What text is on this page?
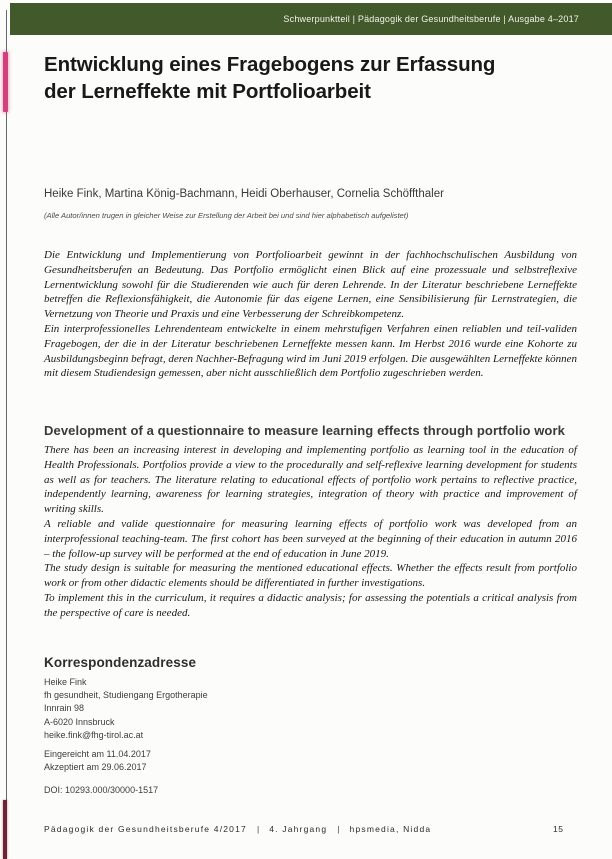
Schwerpunktteil | Pädagogik der Gesundheitsberufe | Ausgabe 4–2017
Entwicklung eines Fragebogens zur Erfassung
der Lerneffekte mit Portfolioarbeit
Heike Fink, Martina König-Bachmann, Heidi Oberhauser, Cornelia Schöffthaler
(Alle Autor/innen trugen in gleicher Weise zur Erstellung der Arbeit bei und sind hier alphabetisch aufgelistet)

Die Entwicklung und Implementierung von Portfolioarbeit gewinnt in der fachhochschulischen Ausbildung von Gesundheitsberufen an Bedeutung. Das Portfolio ermöglicht einen Blick auf eine prozessuale und selbstreflexive Lernentwicklung sowohl für die Studierenden wie auch für deren Lehrende. In der Literatur beschriebene Lerneffekte betreffen die Reflexionsfähigkeit, die Autonomie für das eigene Lernen, eine Sensibilisierung für Lernstrategien, die Vernetzung von Theorie und Praxis und eine Verbesserung der Schreibkompetenz.

Ein interprofessionelles Lehrendenteam entwickelte in einem mehrstufigen Verfahren einen reliablen und teil-validen Fragebogen, der die in der Literatur beschriebenen Lerneffekte messen kann. Im Herbst 2016 wurde eine Kohorte zu Ausbildungsbeginn befragt, deren Nachher-Befragung wird im Juni 2019 erfolgen. Die ausgewählten Lerneffekte können mit diesem Studiendesign gemessen, aber nicht ausschließlich dem Portfolio zugeschrieben werden.

Development of a questionnaire to measure learning effects through portfolio work

There has been an increasing interest in developing and implementing portfolio as learning tool in the education of Health Professionals. Portfolios provide a view to the procedurally and self-reflexive learning development for students as well as for teachers. The literature relating to educational effects of portfolio work pertains to reflective practice, independently learning, awareness for learning strategies, integration of theory with practice and improvement of writing skills.

A reliable and valide questionnaire for measuring learning effects of portfolio work was developed from an interprofessional teaching-team. The first cohort has been surveyed at the beginning of their education in autumn 2016 – the follow-up survey will be performed at the end of education in June 2019.

The study design is suitable for measuring the mentioned educational effects. Whether the effects result from portfolio work or from other didactic elements should be differentiated in further investigations.

To implement this in the curriculum, it requires a didactic analysis; for assessing the potentials a critical analysis from the perspective of care is needed.

Korrespondenzadresse
Heike Fink
fh gesundheit, Studiengang Ergotherapie
Innrain 98
A-6020 Innsbruck
heike.fink@fhg-tirol.ac.at
Eingereicht am 11.04.2017
Akzeptiert am 29.06.2017
DOI: 10293.000/30000-1517
Pädagogik der Gesundheitsberufe 4/2017 | 4. Jahrgang | hpsmedia, Nidda	15
